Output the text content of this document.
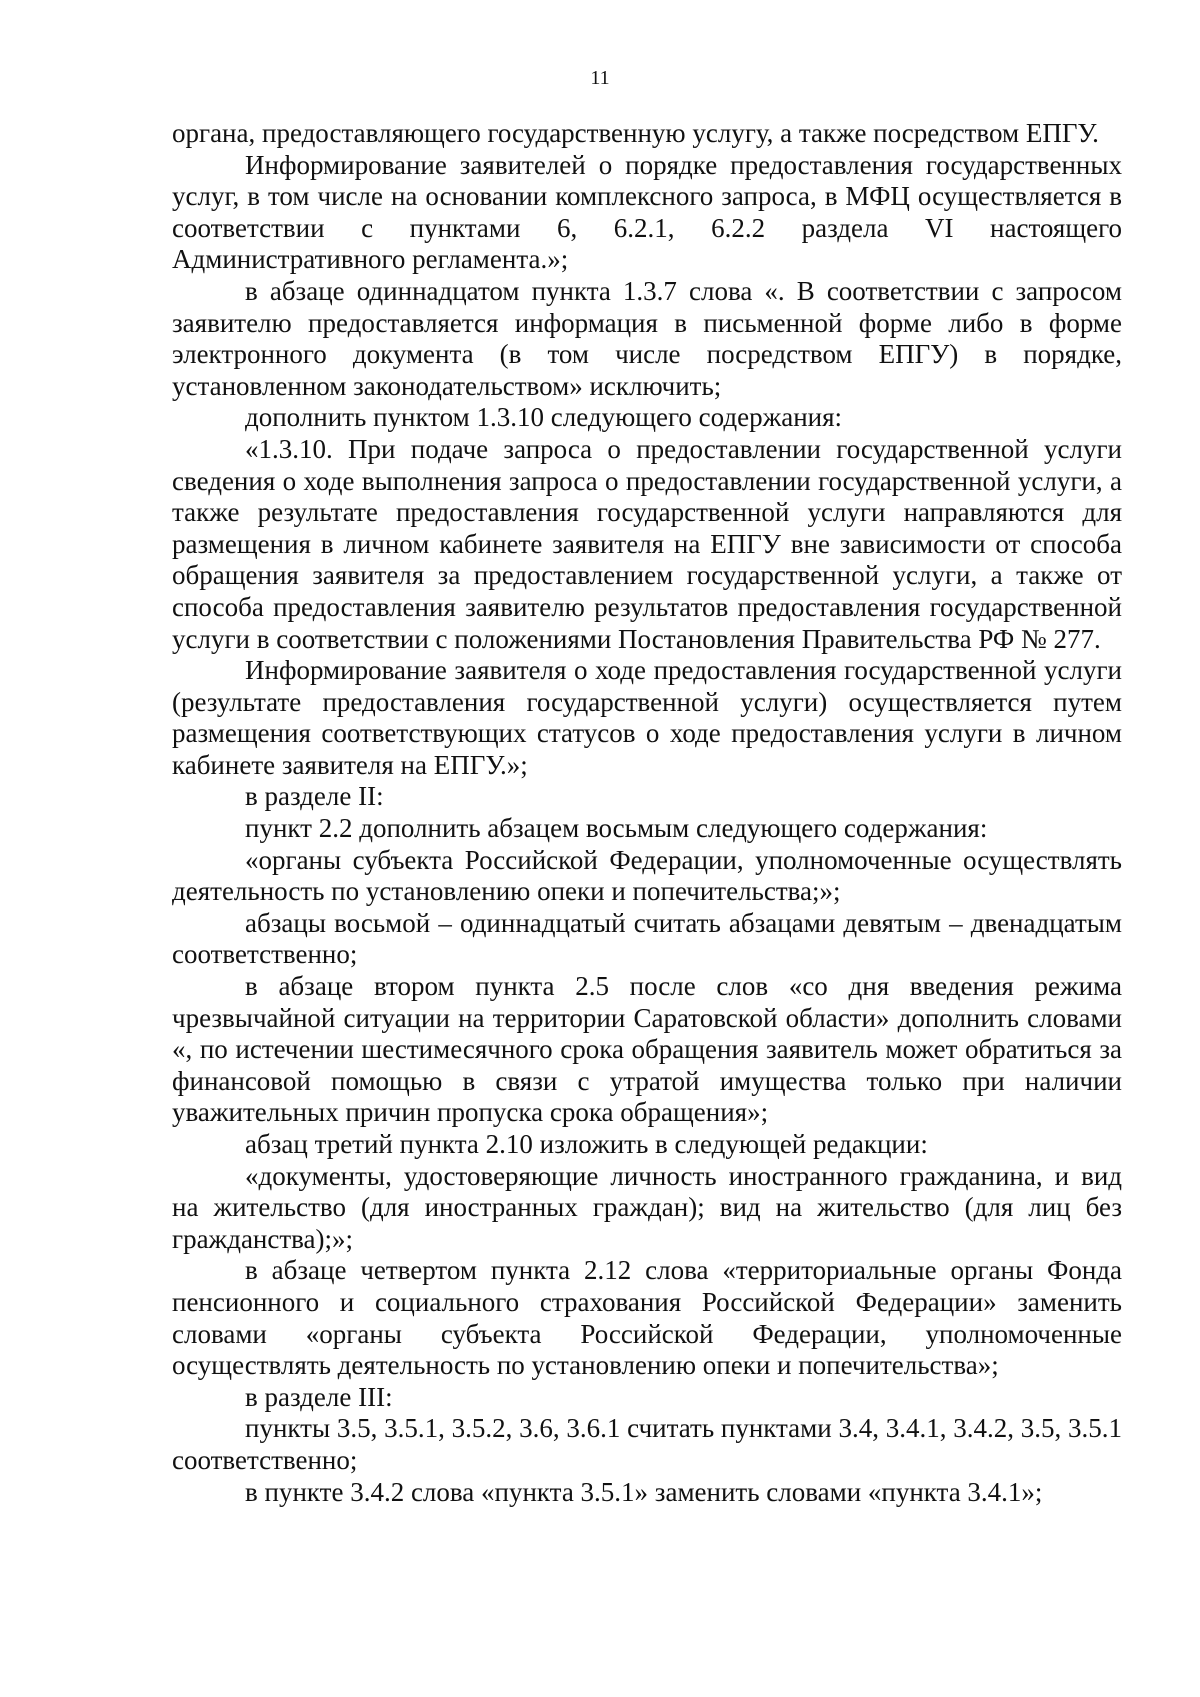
11

органа, предоставляющего государственную услугу, а также посредством ЕПГУ.

Информирование заявителей о порядке предоставления государственных услуг, в том числе на основании комплексного запроса, в МФЦ осуществляется в соответствии с пунктами 6, 6.2.1, 6.2.2 раздела VI настоящего Административного регламента.»;

в абзаце одиннадцатом пункта 1.3.7 слова «. В соответствии с запросом заявителю предоставляется информация в письменной форме либо в форме электронного документа (в том числе посредством ЕПГУ) в порядке, установленном законодательством» исключить;

дополнить пунктом 1.3.10 следующего содержания:

«1.3.10. При подаче запроса о предоставлении государственной услуги сведения о ходе выполнения запроса о предоставлении государственной услуги, а также результате предоставления государственной услуги направляются для размещения в личном кабинете заявителя на ЕПГУ вне зависимости от способа обращения заявителя за предоставлением государственной услуги, а также от способа предоставления заявителю результатов предоставления государственной услуги в соответствии с положениями Постановления Правительства РФ № 277.

Информирование заявителя о ходе предоставления государственной услуги (результате предоставления государственной услуги) осуществляется путем размещения соответствующих статусов о ходе предоставления услуги в личном кабинете заявителя на ЕПГУ.»;

в разделе II:

пункт 2.2 дополнить абзацем восьмым следующего содержания:

«органы субъекта Российской Федерации, уполномоченные осуществлять деятельность по установлению опеки и попечительства;»;

абзацы восьмой – одиннадцатый считать абзацами девятым – двенадцатым соответственно;

в абзаце втором пункта 2.5 после слов «со дня введения режима чрезвычайной ситуации на территории Саратовской области» дополнить словами «, по истечении шестимесячного срока обращения заявитель может обратиться за финансовой помощью в связи с утратой имущества только при наличии уважительных причин пропуска срока обращения»;

абзац третий пункта 2.10 изложить в следующей редакции:

«документы, удостоверяющие личность иностранного гражданина, и вид на жительство (для иностранных граждан); вид на жительство (для лиц без гражданства);»;

в абзаце четвертом пункта 2.12 слова «территориальные органы Фонда пенсионного и социального страхования Российской Федерации» заменить словами «органы субъекта Российской Федерации, уполномоченные осуществлять деятельность по установлению опеки и попечительства»;

в разделе III:

пункты 3.5, 3.5.1, 3.5.2, 3.6, 3.6.1 считать пунктами 3.4, 3.4.1, 3.4.2, 3.5, 3.5.1 соответственно;

в пункте 3.4.2 слова «пункта 3.5.1» заменить словами «пункта 3.4.1»;
